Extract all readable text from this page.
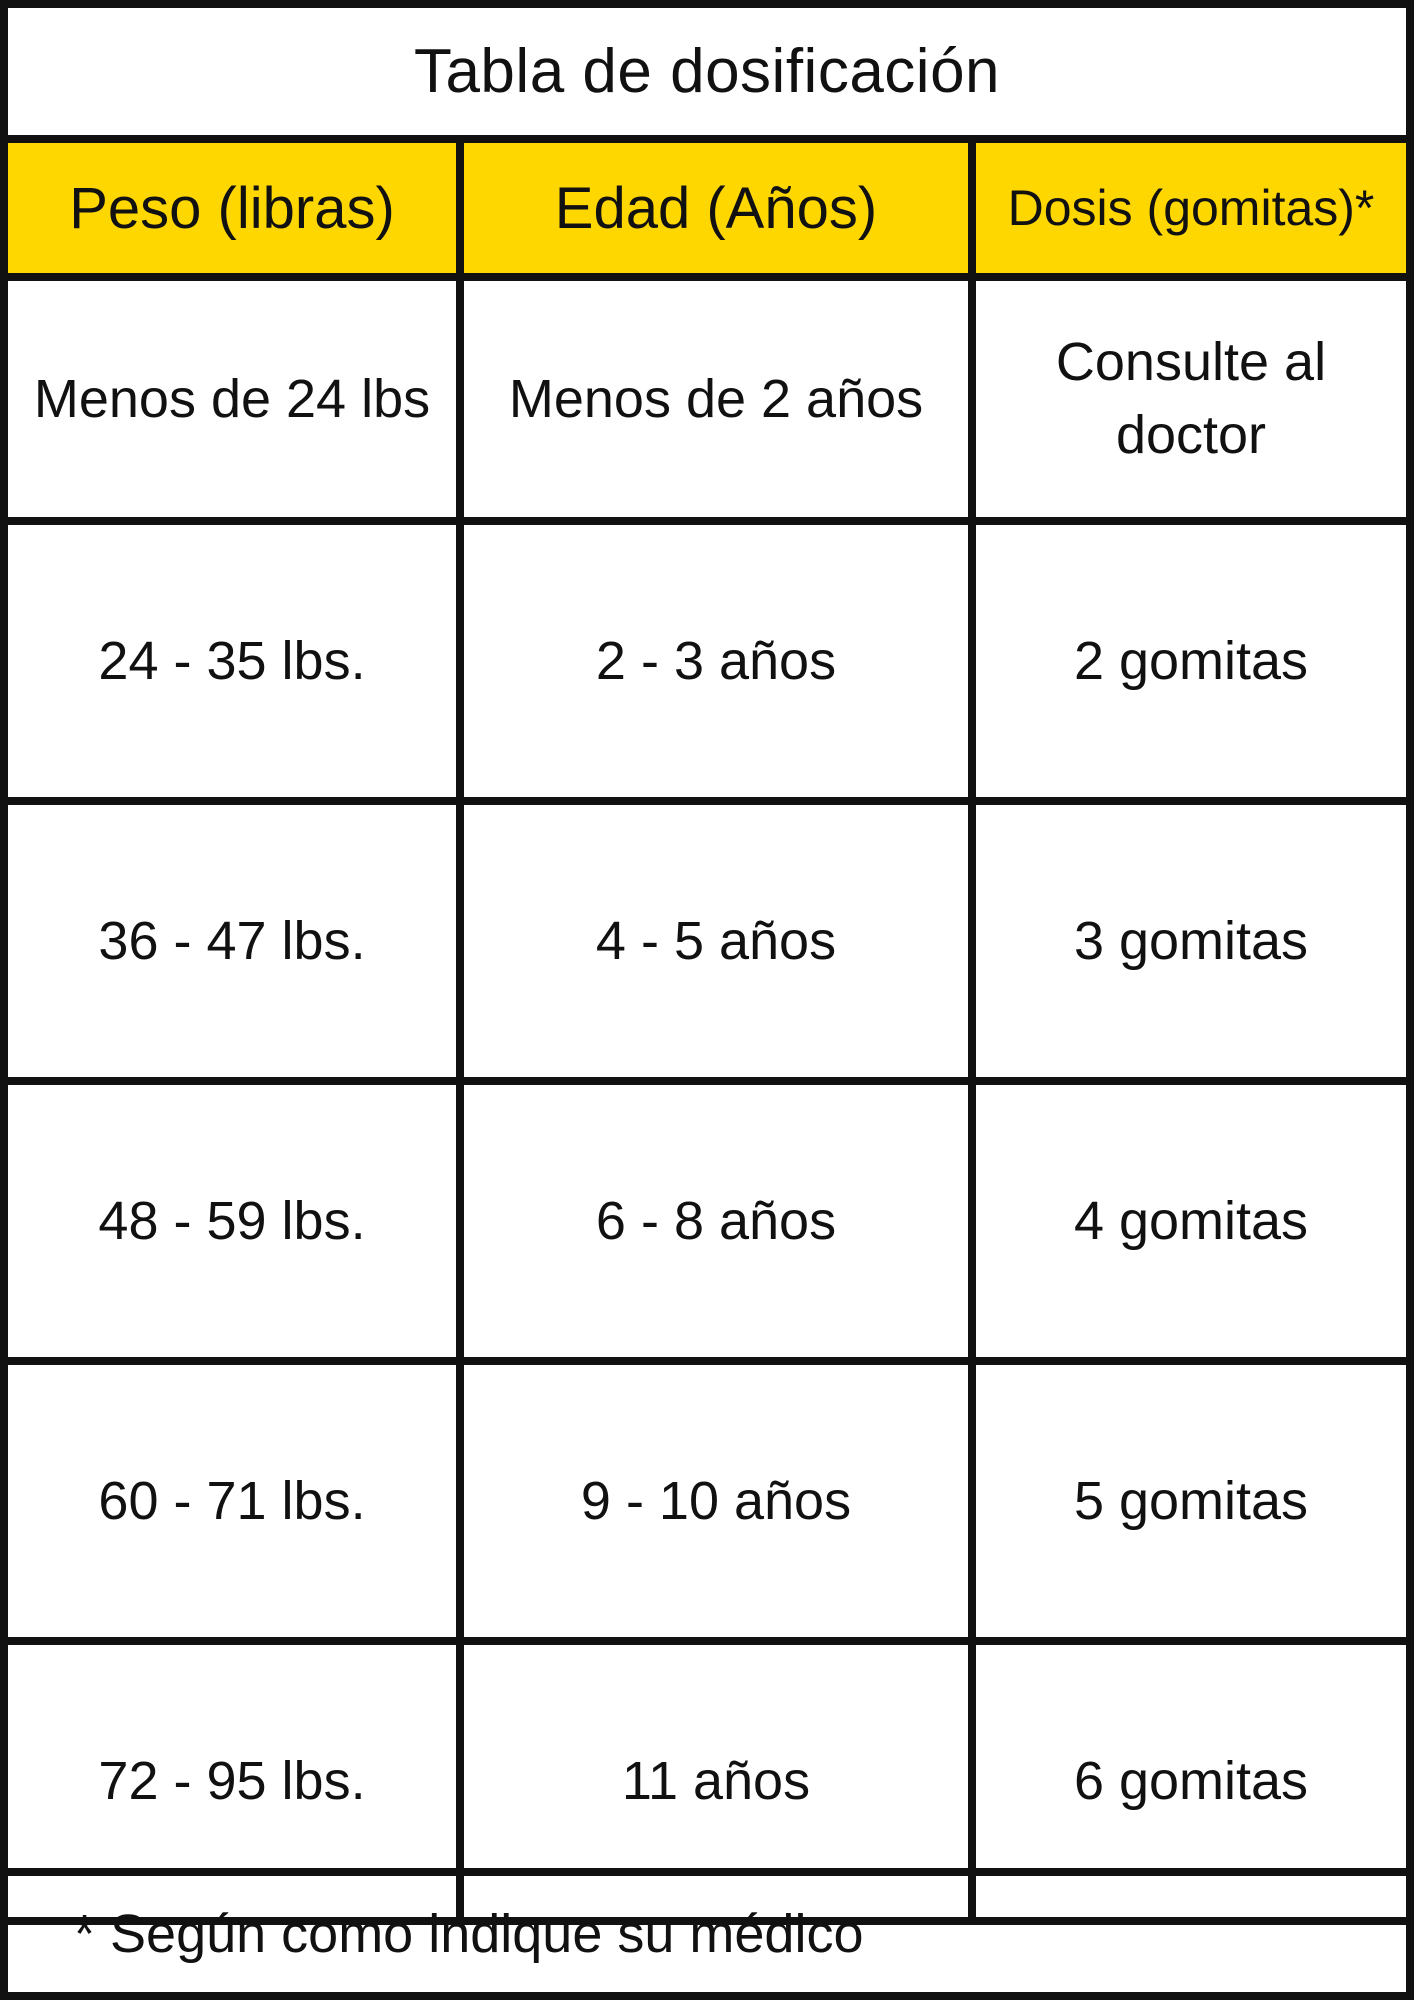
Tabla de dosificación
Peso (libras)	Edad (Años)	Dosis (gomitas)*
Menos de 24 lbs	Menos de 2 años	Consulte al doctor
24 - 35 lbs.	2 - 3 años	2 gomitas
36 - 47 lbs.	4 - 5 años	3 gomitas
48 - 59 lbs.	6 - 8 años	4 gomitas
60 - 71 lbs.	9 - 10 años	5 gomitas
72 - 95 lbs.	11 años	6 gomitas
* Según como indique su médico
